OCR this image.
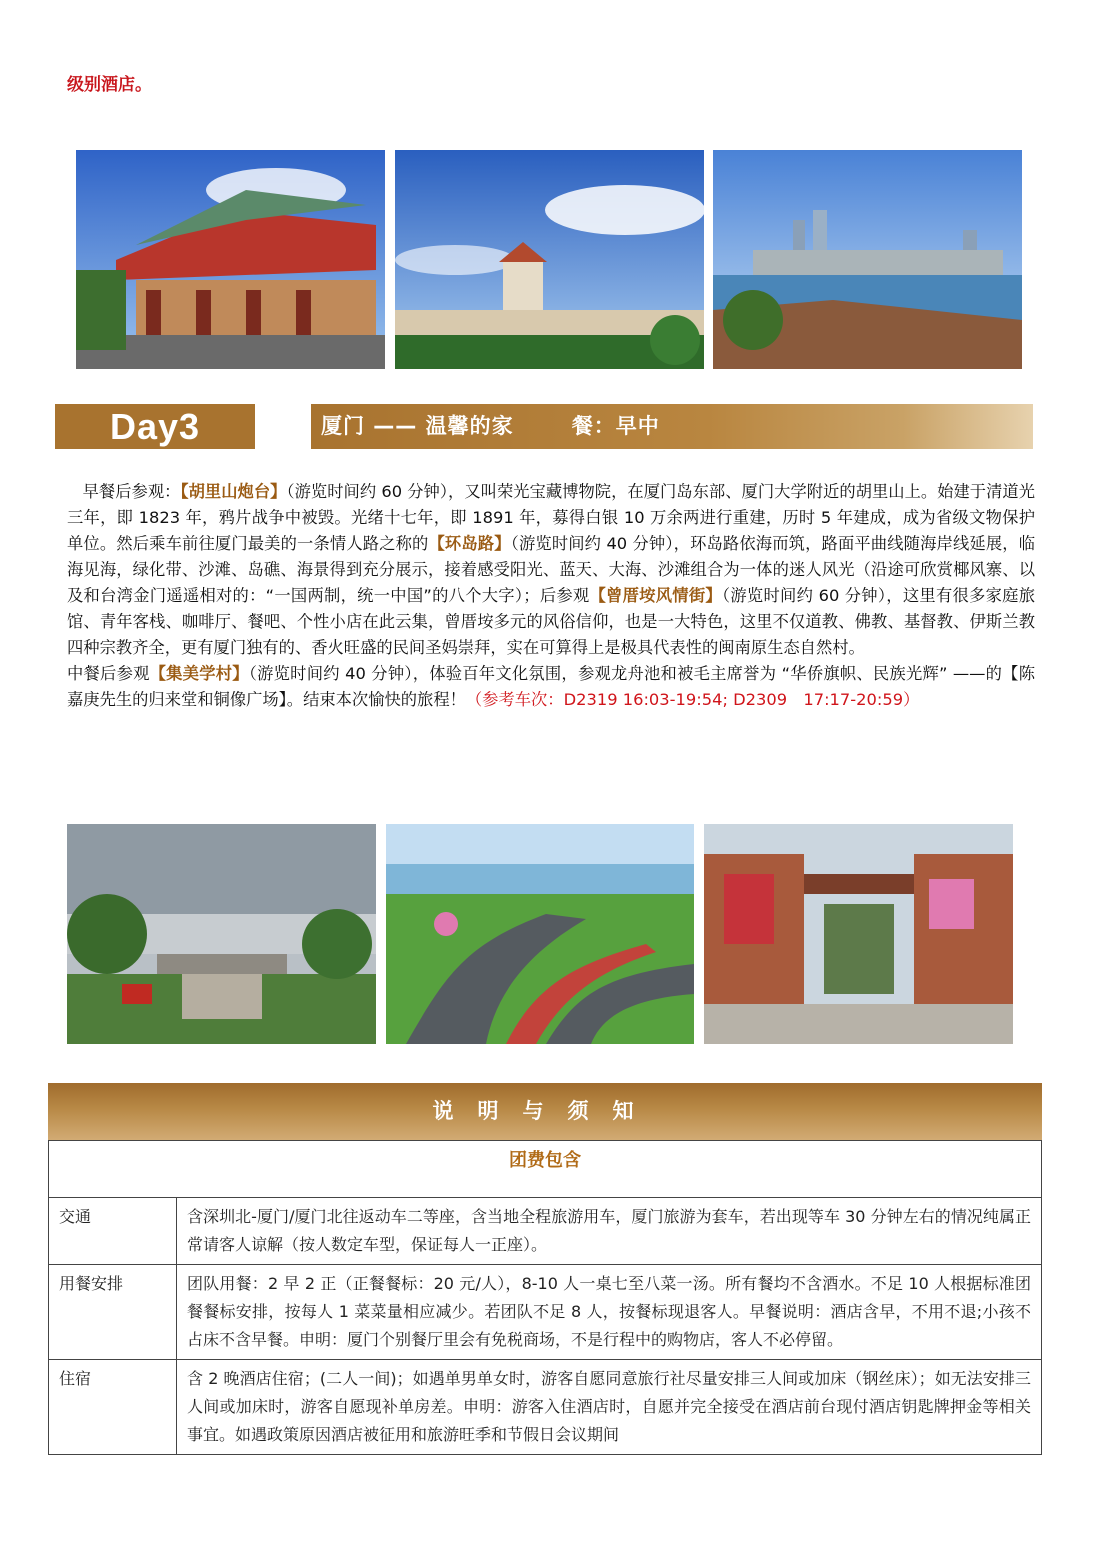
级别酒店。
Day3	厦门 —— 温馨的家	餐：早中

早餐后参观：【胡里山炮台】（游览时间约 60 分钟），又叫荣光宝藏博物院，在厦门岛东部、厦门大学附近的胡里山上。始建于清道光三年，即 1823 年，鸦片战争中被毁。光绪十七年，即 1891 年，募得白银 10 万余两进行重建，历时 5 年建成，成为省级文物保护单位。然后乘车前往厦门最美的一条情人路之称的【环岛路】（游览时间约 40 分钟），环岛路依海而筑，路面平曲线随海岸线延展，临海见海，绿化带、沙滩、岛礁、海景得到充分展示，接着感受阳光、蓝天、大海、沙滩组合为一体的迷人风光（沿途可欣赏椰风寨、以及和台湾金门遥遥相对的：“一国两制，统一中国”的八个大字）；后参观【曾厝垵风情街】（游览时间约 60 分钟），这里有很多家庭旅馆、青年客栈、咖啡厅、餐吧、个性小店在此云集，曾厝垵多元的风俗信仰，也是一大特色，这里不仅道教、佛教、基督教、伊斯兰教四种宗教齐全，更有厦门独有的、香火旺盛的民间圣妈崇拜，实在可算得上是极具代表性的闽南原生态自然村。

中餐后参观【集美学村】（游览时间约 40 分钟），体验百年文化氛围，参观龙舟池和被毛主席誉为 “华侨旗帜、民族光辉” ——的【陈嘉庚先生的归来堂和铜像广场】。结束本次愉快的旅程！（参考车次：D2319 16:03-19:54; D2309　17:17-20:59）

说明与须知
团费包含	
交通	含深圳北-厦门/厦门北往返动车二等座，含当地全程旅游用车，厦门旅游为套车，若出现等车 30 分钟左右的情况纯属正常请客人谅解（按人数定车型，保证每人一正座）。
用餐安排	团队用餐：2 早 2 正（正餐餐标：20 元/人），8-10 人一桌七至八菜一汤。所有餐均不含酒水。不足 10 人根据标准团餐餐标安排，按每人 1 菜菜量相应减少。若团队不足 8 人，按餐标现退客人。早餐说明：酒店含早，不用不退;小孩不占床不含早餐。申明：厦门个别餐厅里会有免税商场，不是行程中的购物店，客人不必停留。
住宿	含 2 晚酒店住宿；(二人一间)；如遇单男单女时，游客自愿同意旅行社尽量安排三人间或加床（钢丝床）；如无法安排三人间或加床时，游客自愿现补单房差。申明：游客入住酒店时，自愿并完全接受在酒店前台现付酒店钥匙牌押金等相关事宜。如遇政策原因酒店被征用和旅游旺季和节假日会议期间
